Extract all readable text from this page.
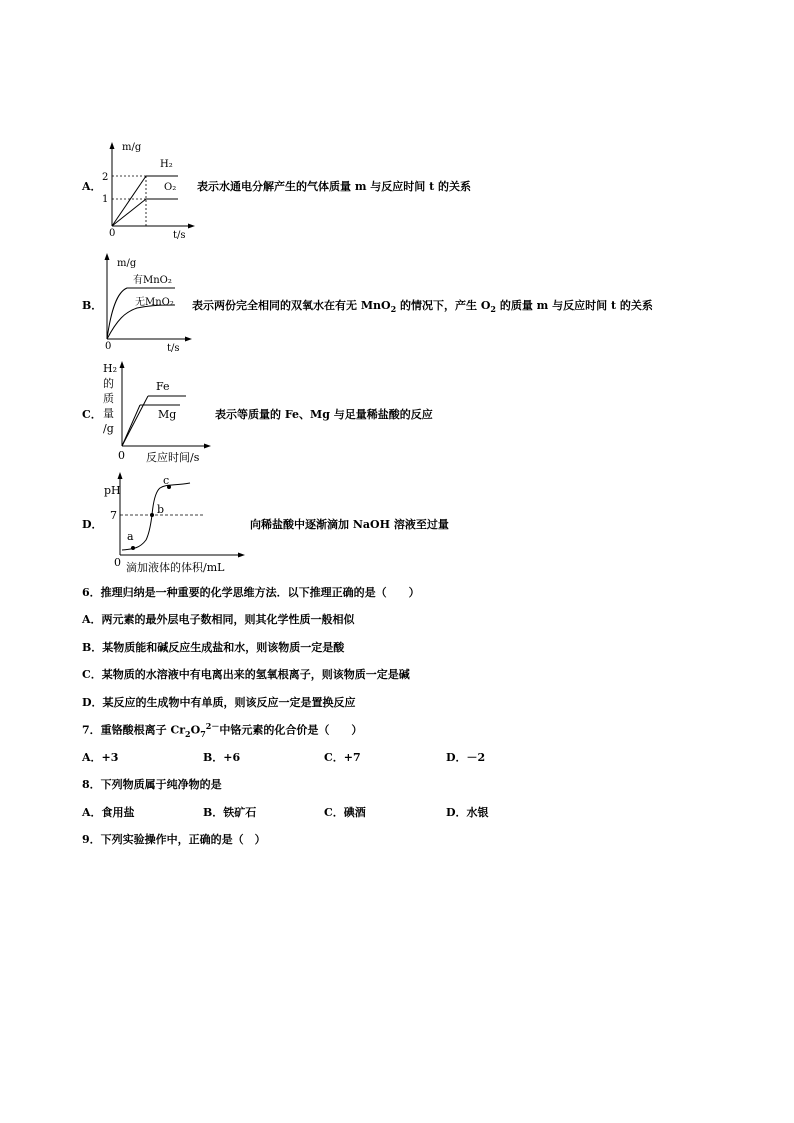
A．
m/g
t/s
0
2
1
H₂
O₂ 表示水通电分解产生的气体质量 m 与反应时间 t 的关系
B．
m/g
t/s
0
有MnO₂
无MnO₂ 表示两份完全相同的双氧水在有无 MnO$_2$ 的情况下，产生 $O_2$ 的质量 m 与反应时间 t 的关系
C．
H₂
的
质
量
/g
Fe
Mg
0 反应时间/s
表示等质量的 Fe、Mg 与足量稀盐酸的反应
D．
pH
7
a
b
c
0 滴加液体的体积/mL
向稀盐酸中逐渐滴加 NaOH 溶液至过量
6．推理归纳是一种重要的化学思维方法．以下推理正确的是（　　）
A．两元素的最外层电子数相同，则其化学性质一般相似
B．某物质能和碱反应生成盐和水，则该物质一定是酸
C．某物质的水溶液中有电离出来的氢氧根离子，则该物质一定是碱
D．某反应的生成物中有单质，则该反应一定是置换反应
7．重铬酸根离子 $Cr_2O_7^{2-}$中铬元素的化合价是（　　）
A．+3	B．+6	C．+7	D．－2
8．下列物质属于纯净物的是
A．食用盐	B．铁矿石	C．碘酒	D．水银
9．下列实验操作中，正确的是（　）
